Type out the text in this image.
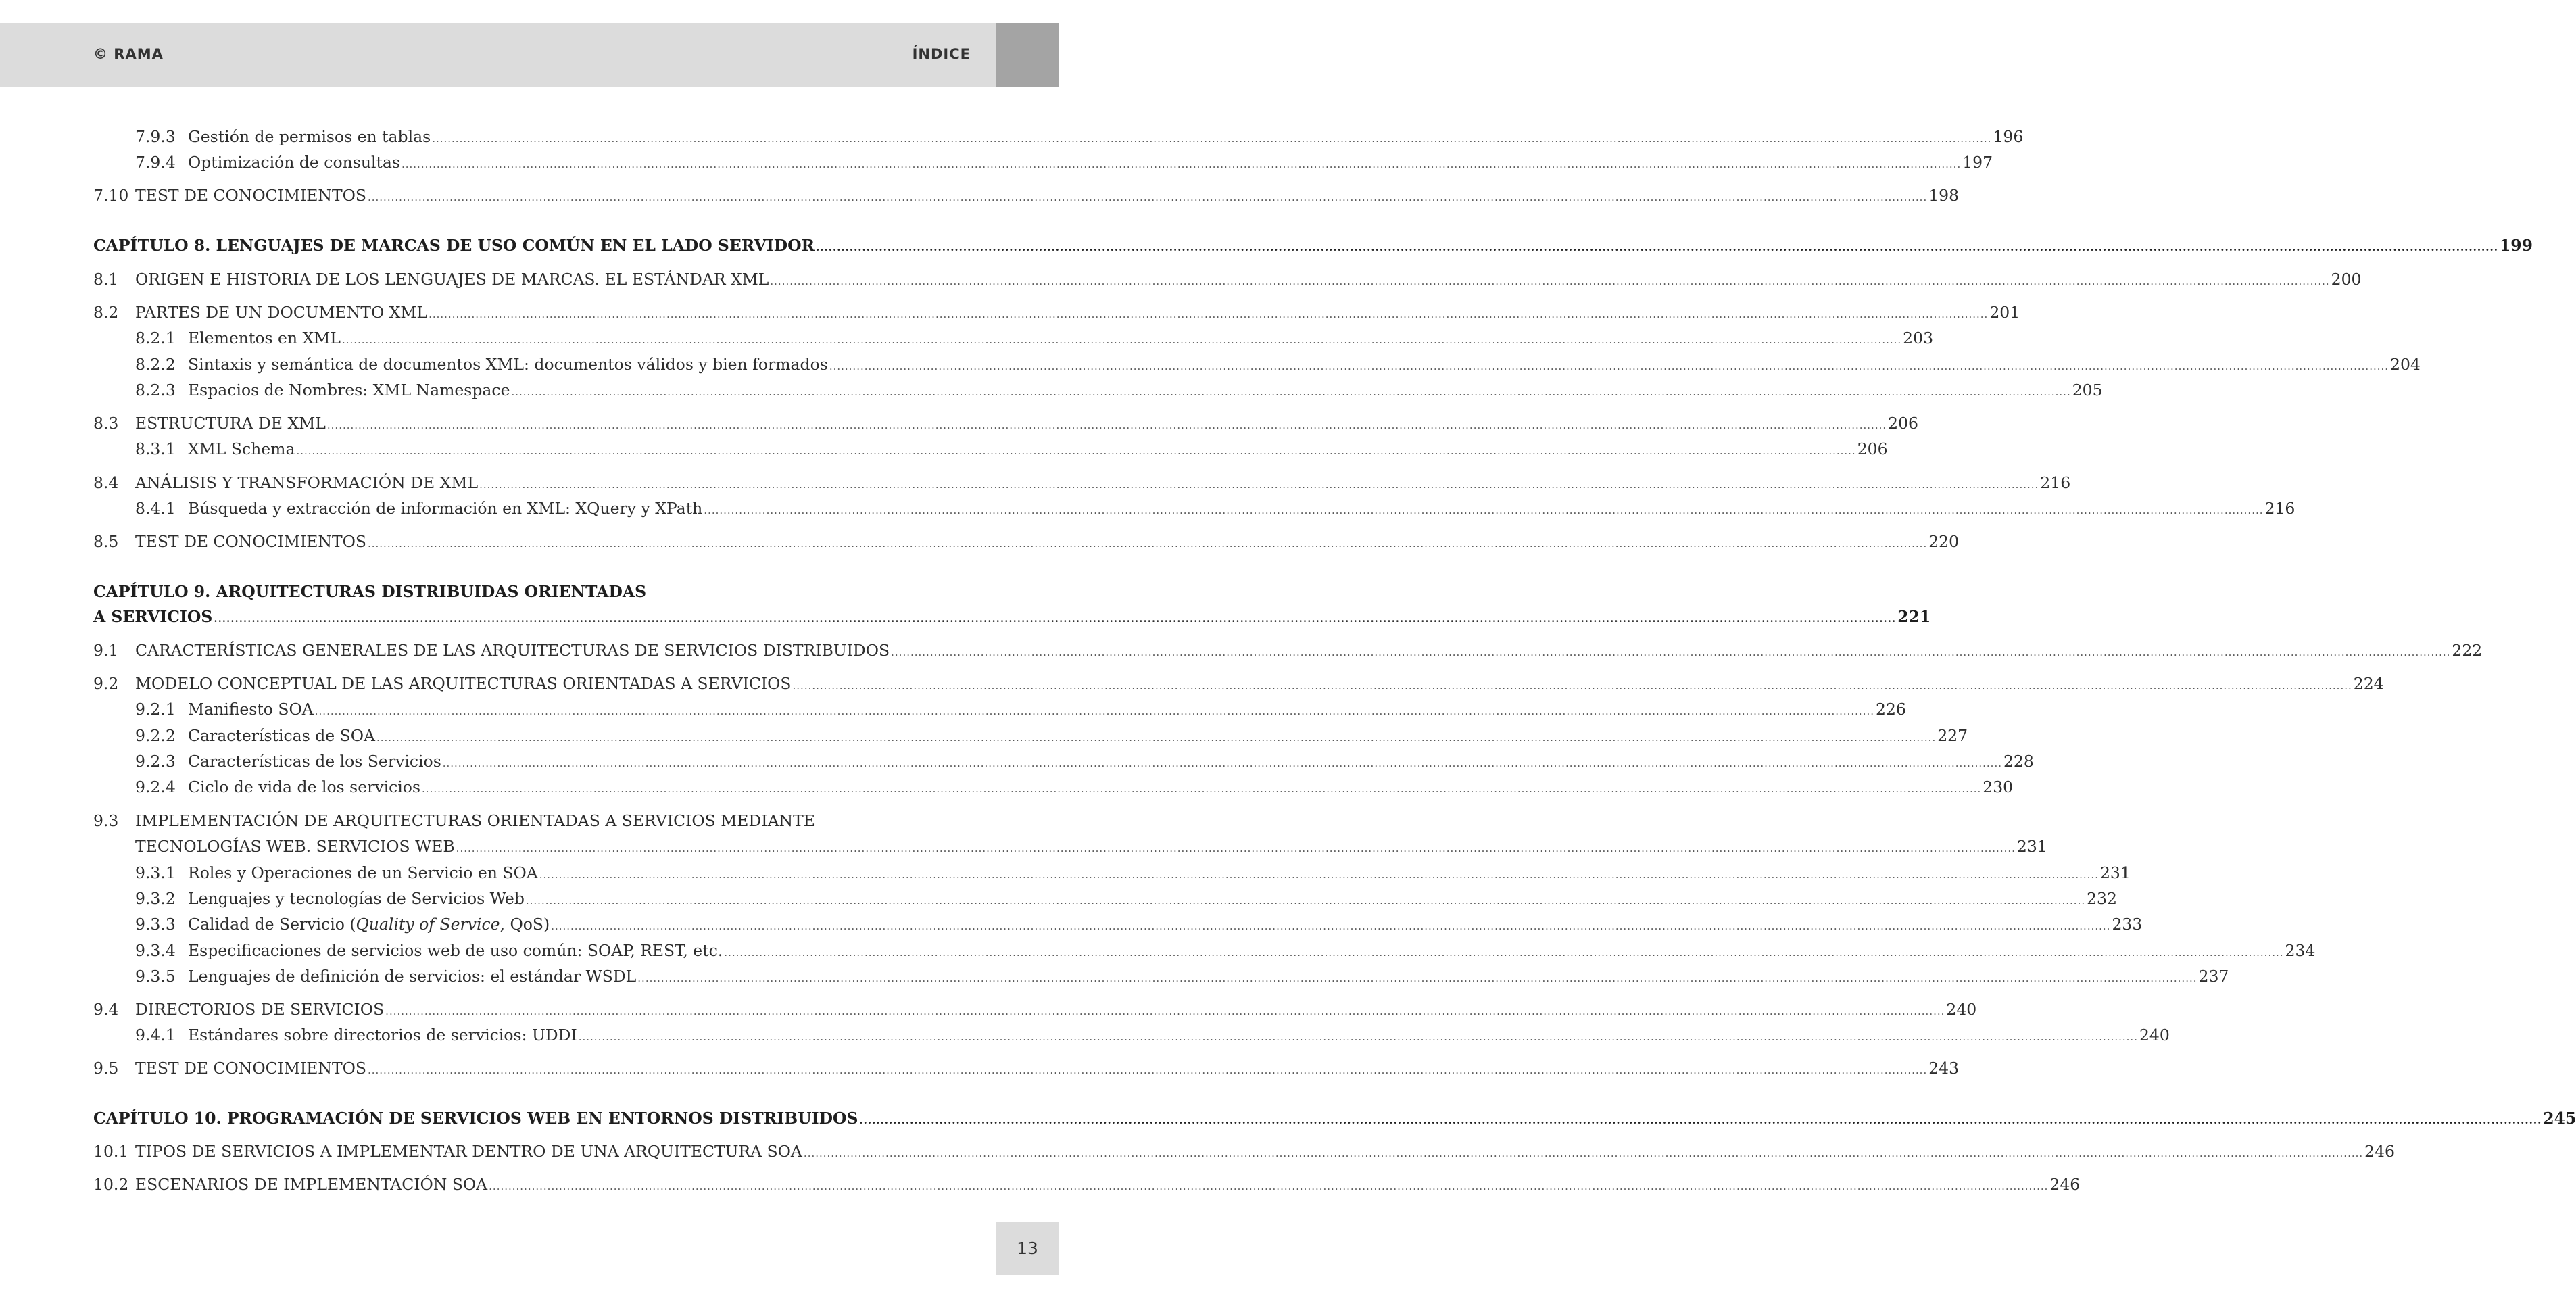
© RAMA	ÍNDICE
7.9.3 Gestión de permisos en tablas .....	196
7.9.4 Optimización de consultas .....	197
7.10 TEST DE CONOCIMIENTOS .....	198
CAPÍTULO 8. LENGUAJES DE MARCAS DE USO COMÚN EN EL LADO SERVIDOR .....	199
8.1	ORIGEN E HISTORIA DE LOS LENGUAJES DE MARCAS. EL ESTÁNDAR XML .....	200
8.2	PARTES DE UN DOCUMENTO XML .....	201
8.2.1 Elementos en XML .....	203
8.2.2 Sintaxis y semántica de documentos XML: documentos válidos y bien formados .....	204
8.2.3 Espacios de Nombres: XML Namespace .....	205
8.3	ESTRUCTURA DE XML .....	206
8.3.1 XML Schema .....	206
8.4	ANÁLISIS Y TRANSFORMACIÓN DE XML .....	216
8.4.1 Búsqueda y extracción de información en XML: XQuery y XPath .....	216
8.5	TEST DE CONOCIMIENTOS .....	220
CAPÍTULO 9. ARQUITECTURAS DISTRIBUIDAS ORIENTADAS
A SERVICIOS .....	221
9.1	CARACTERÍSTICAS GENERALES DE LAS ARQUITECTURAS DE SERVICIOS DISTRIBUIDOS .....	222
9.2	MODELO CONCEPTUAL DE LAS ARQUITECTURAS ORIENTADAS A SERVICIOS .....	224
9.2.1 Manifiesto SOA .....	226
9.2.2 Características de SOA .....	227
9.2.3 Características de los Servicios .....	228
9.2.4 Ciclo de vida de los servicios .....	230
9.3 IMPLEMENTACIÓN DE ARQUITECTURAS ORIENTADAS A SERVICIOS MEDIANTE
TECNOLOGÍAS WEB. SERVICIOS WEB .....	231
9.3.1 Roles y Operaciones de un Servicio en SOA .....	231
9.3.2 Lenguajes y tecnologías de Servicios Web .....	232
9.3.3 Calidad de Servicio (Quality of Service, QoS) .....	233
9.3.4 Especificaciones de servicios web de uso común: SOAP, REST, etc. .....	234
9.3.5 Lenguajes de definición de servicios: el estándar WSDL .....	237
9.4	DIRECTORIOS DE SERVICIOS .....	240
9.4.1 Estándares sobre directorios de servicios: UDDI .....	240
9.5	TEST DE CONOCIMIENTOS .....	243
CAPÍTULO 10. PROGRAMACIÓN DE SERVICIOS WEB EN ENTORNOS DISTRIBUIDOS .....	245
10.1 TIPOS DE SERVICIOS A IMPLEMENTAR DENTRO DE UNA ARQUITECTURA SOA .....	246
10.2 ESCENARIOS DE IMPLEMENTACIÓN SOA .....	246
13
